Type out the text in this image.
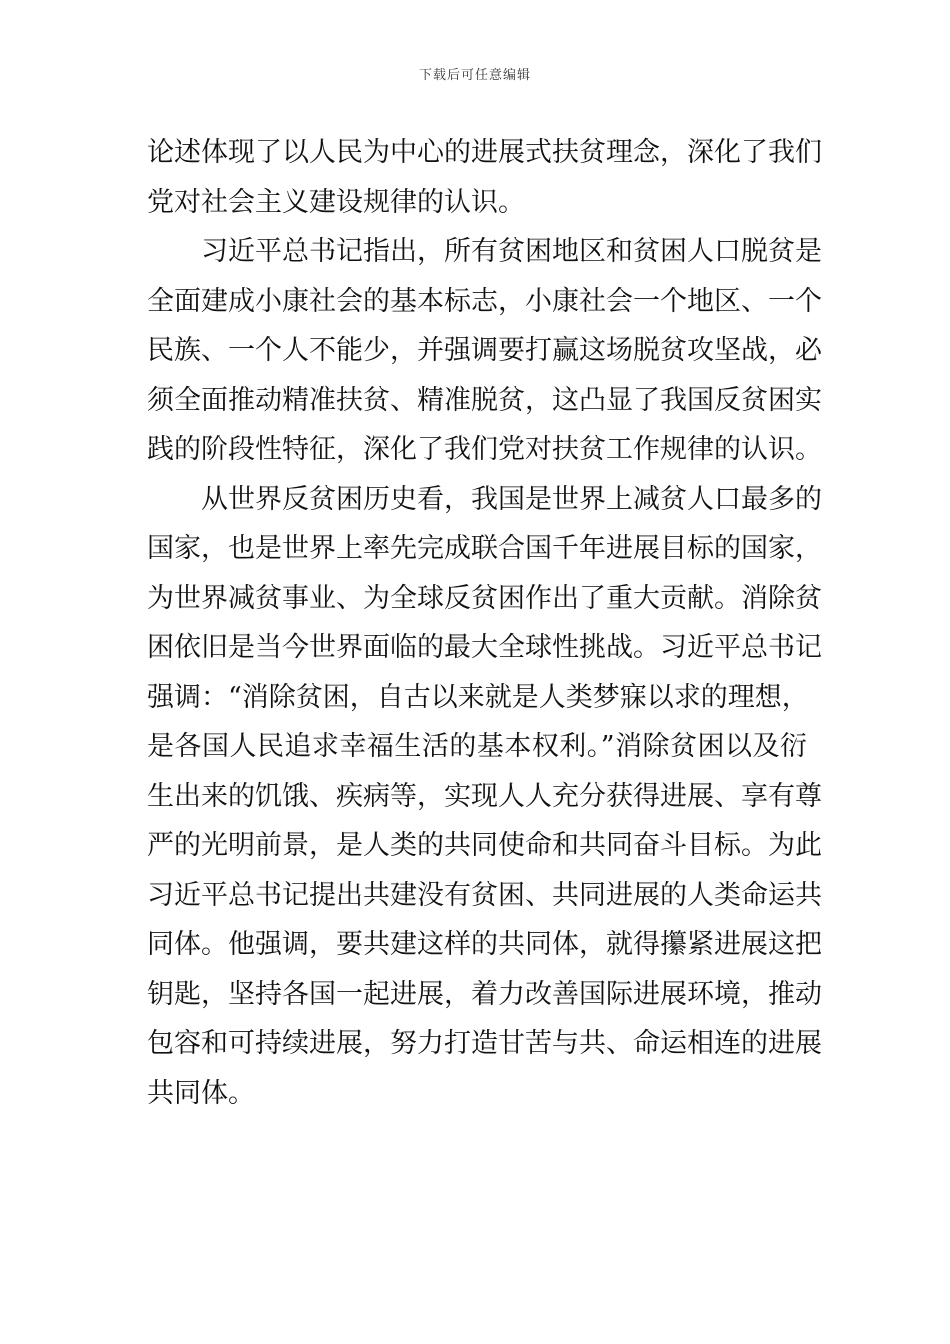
下载后可任意编辑
论述体现了以人民为中心的进展式扶贫理念，深化了我们
党对社会主义建设规律的认识。
习近平总书记指出，所有贫困地区和贫困人口脱贫是
全面建成小康社会的基本标志，小康社会一个地区、一个
民族、一个人不能少，并强调要打赢这场脱贫攻坚战，必
须全面推动精准扶贫、精准脱贫，这凸显了我国反贫困实
践的阶段性特征，深化了我们党对扶贫工作规律的认识。
从世界反贫困历史看，我国是世界上减贫人口最多的
国家，也是世界上率先完成联合国千年进展目标的国家，
为世界减贫事业、为全球反贫困作出了重大贡献。消除贫
困依旧是当今世界面临的最大全球性挑战。习近平总书记
强调：“消除贫困，自古以来就是人类梦寐以求的理想，
是各国人民追求幸福生活的基本权利。”消除贫困以及衍
生出来的饥饿、疾病等，实现人人充分获得进展、享有尊
严的光明前景，是人类的共同使命和共同奋斗目标。为此
习近平总书记提出共建没有贫困、共同进展的人类命运共
同体。他强调，要共建这样的共同体，就得攥紧进展这把
钥匙，坚持各国一起进展，着力改善国际进展环境，推动
包容和可持续进展，努力打造甘苦与共、命运相连的进展
共同体。
